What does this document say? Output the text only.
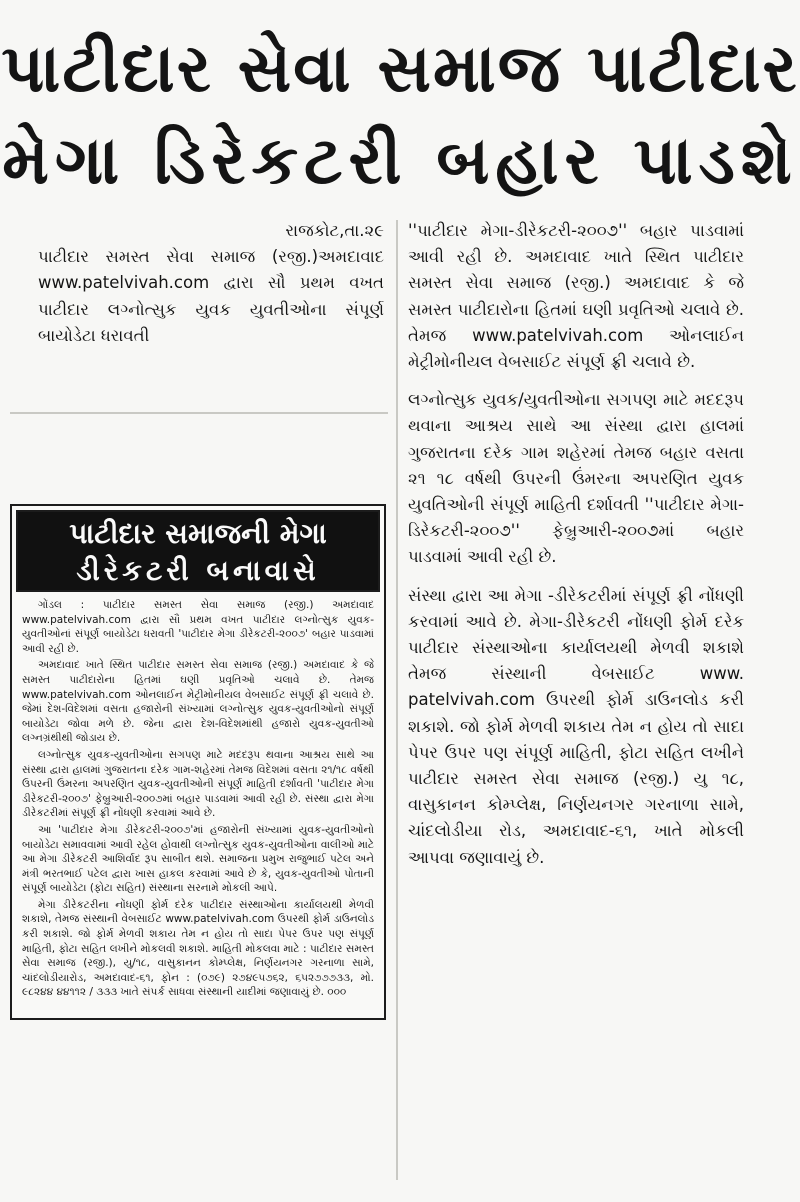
પાટીદાર સેવા સમાજ પાટીદાર
મેગા ડિરેકટરી બહાર પાડશે

રાજકોટ,તા.૨૯

પાટીદાર સમસ્ત સેવા સમાજ (રજી.)અમદાવાદ www.patelvivah.com દ્વારા સૌ પ્રથમ વખત પાટીદાર લગ્નોત્સુક યુવક યુવતીઓના સંપૂર્ણ બાયોડેટા ધરાવતી

પાટીદાર સમાજની મેગા
ડીરેકટરી બનાવાસે

ગોંડલ : પાટીદાર સમસ્ત સેવા સમાજ (રજી.) અમદાવાદ www.patelvivah.com દ્વારા સૌ પ્રથમ વખત પાટીદાર લગ્નોત્સુક યુવક-યુવતીઓનાં સંપૂર્ણ બાયોડેટા ધરાવતી 'પાટીદાર મેગા ડીરેકટરી-૨૦૦૭' બહાર પાડવામાં આવી રહી છે.

અમદાવાદ ખાતે સ્થિત પાટીદાર સમસ્ત સેવા સમાજ (રજી.) અમદાવાદ કે જે સમસ્ત પાટીદારોના હિતમાં ઘણી પ્રવૃતિઓ ચલાવે છે. તેમજ www.patelvivah.com ઓનલાઈન મેટ્રીમોનીયલ વેબસાઈટ સંપૂર્ણ ફ્રી ચલાવે છે. જેમાં દેશ-વિદેશમાં વસતા હજારોની સંખ્યામાં લગ્નોત્સુક યુવક-યુવતીઓનો સંપૂર્ણ બાયોડેટા જોવા મળે છે. જેના દ્વારા દેશ-વિદેશમાંથી હજારો યુવક-યુવતીઓ લગ્નગ્રંથીથી જોડાય છે.

લગ્નોત્સુક યુવક-યુવતીઓના સગપણ માટે મદદરૂપ થવાના આશ્રય સાથે આ સંસ્થા દ્વારા હાલમાં ગુજરાતના દરેક ગામ-શહેરમાં તેમજ વિદેશમાં વસતા ૨૧/૧૮ વર્ષથી ઉપરની ઉંમરના અપરણિત યુવક-યુવતીઓની સંપૂર્ણ માહિતી દર્શાવતી 'પાટીદાર મેગા ડીરેકટરી-૨૦૦૭' ફેબ્રુઆરી-૨૦૦૭માં બહાર પાડવામાં આવી રહી છે. સંસ્થા દ્વારા મેગા ડીરેકટરીમાં સંપૂર્ણ ફ્રી નોંધણી કરવામાં આવે છે.

આ 'પાટીદાર મેગા ડીરેકટરી-૨૦૦૭'માં હજારોની સંખ્યામાં યુવક-યુવતીઓનો બાયોડેટા સમાવવામાં આવી રહેલ હોવાથી લગ્નોત્સુક યુવક-યુવતીઓના વાલીઓ માટે આ મેગા ડીરેકટરી આશિર્વાદ રૂપ સાબીત થશે. સમાજના પ્રમુખ રાજુભાઈ પટેલ અને મંત્રી ભરતભાઈ પટેલ દ્વારા ખાસ હાકલ કરવામાં આવે છે કે, યુવક-યુવતીઓ પોતાની સંપૂર્ણ બાયોડેટા (ફોટા સહિત) સંસ્થાના સરનામે મોકલી આપે.

મેગા ડીરેકટરીના નોંધણી ફોર્મ દરેક પાટીદાર સંસ્થાઓના કાર્યાલયથી મેળવી શકાશે, તેમજ સંસ્થાની વેબસાઈટ www.patelvivah.com ઉપરથી ફોર્મ ડાઉનલોડ કરી શકાશે. જો ફોર્મ મેળવી શકાય તેમ ન હોય તો સાદા પેપર ઉપર પણ સંપૂર્ણ માહિતી, ફોટા સહિત લખીને મોકલવી શકાશે. માહિતી મોકલવા માટે : પાટીદાર સમસ્ત સેવા સમાજ (રજી.), યુ/૧૮, વાસુકાનન કોમ્પ્લેક્ષ, નિર્ણયનગર ગરનાળા સામે, ચાંદલોડીયારોડ, અમદાવાદ-૬૧, ફોન : (૦૭૯) ૨૭૪૯૫૭૬૨, ૬૫૨૭૭૭૩૩, મો. ૯૮૨૪૪ ૪૪૧૧૨ / ૩૩૩ ખાતે સંપર્ક સાધવા સંસ્થાની યાદીમાં જણાવાયું છે. ૦૦૦

''પાટીદાર મેગા-ડીરેકટરી-૨૦૦૭'' બહાર પાડવામાં આવી રહી છે. અમદાવાદ ખાતે સ્થિત પાટીદાર સમસ્ત સેવા સમાજ (રજી.) અમદાવાદ કે જે સમસ્ત પાટીદારોના હિતમાં ઘણી પ્રવૃતિઓ ચલાવે છે. તેમજ www.patelvivah.com ઓનલાઈન મેટ્રીમોનીયલ વેબસાઈટ સંપૂર્ણ ફ્રી ચલાવે છે.

લગ્નોત્સુક યુવક/યુવતીઓના સગપણ માટે મદદરૂપ થવાના આશ્રય સાથે આ સંસ્થા દ્વારા હાલમાં ગુજરાતના દરેક ગામ શહેરમાં તેમજ બહાર વસતા ૨૧ ૧૮ વર્ષથી ઉપરની ઉંમરના અપરણિત યુવક યુવતિઓની સંપૂર્ણ માહિતી દર્શાવતી ''પાટીદાર મેગા-ડિરેકટરી-૨૦૦૭'' ફેબ્રુઆરી-૨૦૦૭માં બહાર પાડવામાં આવી રહી છે.

સંસ્થા દ્વારા આ મેગા -ડીરેકટરીમાં સંપૂર્ણ ફ્રી નોંધણી કરવામાં આવે છે. મેગા-ડીરેકટરી નોંધણી ફોર્મ દરેક પાટીદાર સંસ્થાઓના કાર્યાલયથી મેળવી શકાશે તેમજ સંસ્થાની વેબસાઈટ www. patelvivah.com ઉપરથી ફોર્મ ડાઉનલોડ કરી શકાશે. જો ફોર્મ મેળવી શકાય તેમ ન હોય તો સાદા પેપર ઉપર પણ સંપૂર્ણ માહિતી, ફોટા સહિત લખીને પાટીદાર સમસ્ત સેવા સમાજ (રજી.) યુ ૧૮, વાસુકાનન કોમ્પ્લેક્ષ, નિર્ણયનગર ગરનાળા સામે, ચાંદલોડીયા રોડ, અમદાવાદ-૬૧, ખાતે મોકલી આપવા જણાવાયું છે.
